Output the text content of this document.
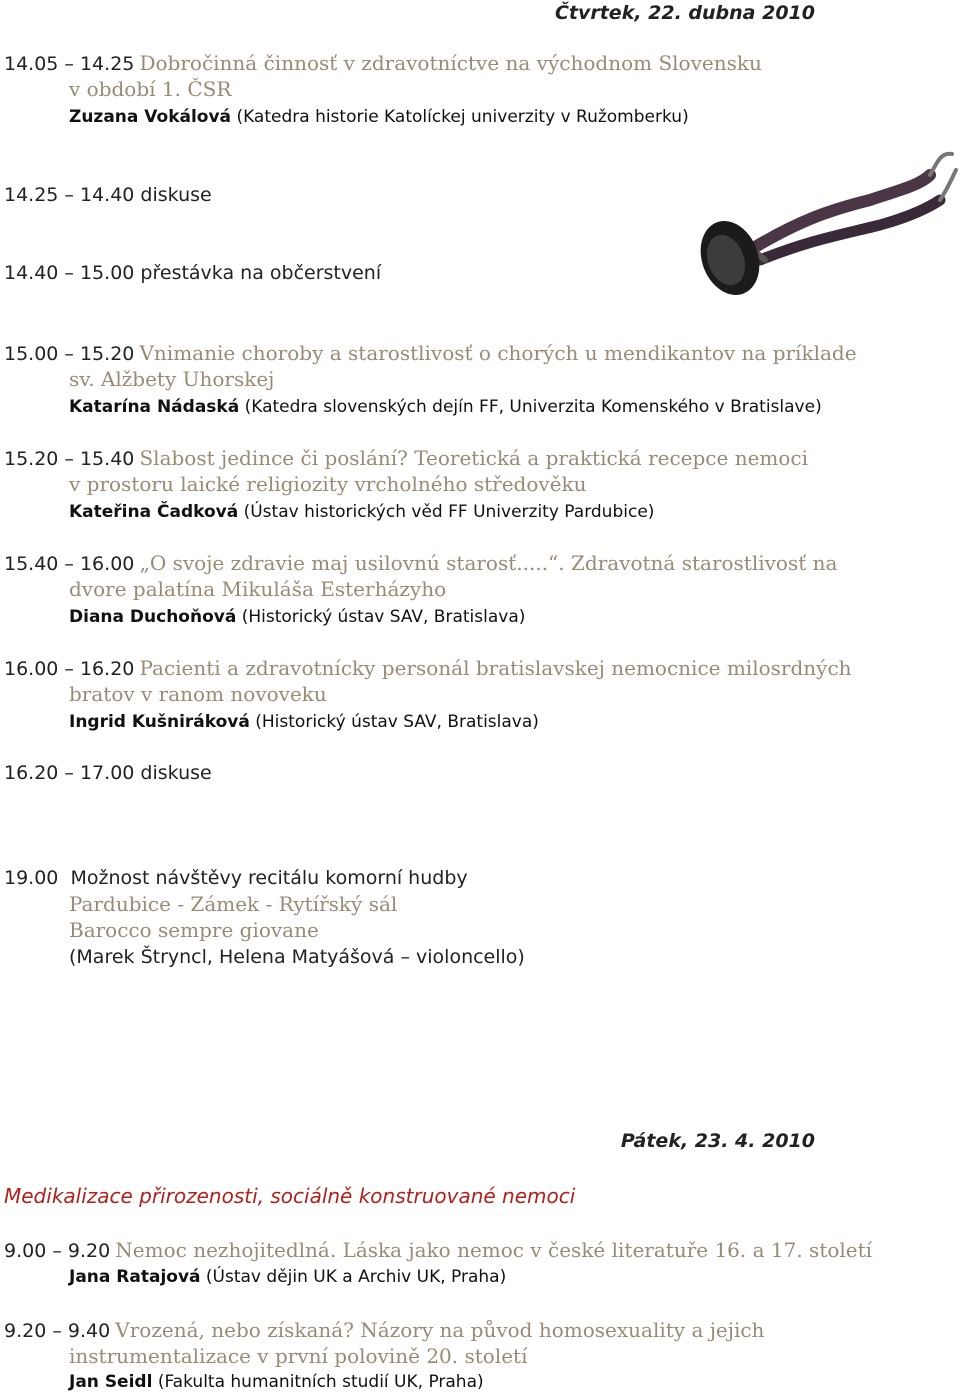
Čtvrtek, 22. dubna 2010
14.05 – 14.25 Dobročinná činnosť v zdravotníctve na východnom Slovensku
v období 1. ČSR
Zuzana Vokálová (Katedra historie Katolíckej univerzity v Ružomberku)
14.25 – 14.40 diskuse
14.40 – 15.00 přestávka na občerstvení
15.00 – 15.20 Vnimanie choroby a starostlivosť o chorých u mendikantov na príklade
sv. Alžbety Uhorskej
Katarína Nádaská (Katedra slovenských dejín FF, Univerzita Komenského v Bratislave)
15.20 – 15.40 Slabost jedince či poslání? Teoretická a praktická recepce nemoci
v prostoru laické religiozity vrcholného středověku
Kateřina Čadková (Ústav historických věd FF Univerzity Pardubice)
15.40 – 16.00 „O svoje zdravie maj usilovnú starosť.....“. Zdravotná starostlivosť na
dvore palatína Mikuláša Esterházyho
Diana Duchoňová (Historický ústav SAV, Bratislava)
16.00 – 16.20 Pacienti a zdravotnícky personál bratislavskej nemocnice milosrdných
bratov v ranom novoveku
Ingrid Kušniráková (Historický ústav SAV, Bratislava)
16.20 – 17.00 diskuse
19.00 Možnost návštěvy recitálu komorní hudby
Pardubice - Zámek - Rytířský sál
Barocco sempre giovane
(Marek Štryncl, Helena Matyášová – violoncello)
Pátek, 23. 4. 2010
Medikalizace přirozenosti, sociálně konstruované nemoci
9.00 – 9.20 Nemoc nezhojitedlná. Láska jako nemoc v české literatuře 16. a 17. století
Jana Ratajová (Ústav dějin UK a Archiv UK, Praha)
9.20 – 9.40 Vrozená, nebo získaná? Názory na původ homosexuality a jejich
instrumentalizace v první polovině 20. století
Jan Seidl (Fakulta humanitních studií UK, Praha)
